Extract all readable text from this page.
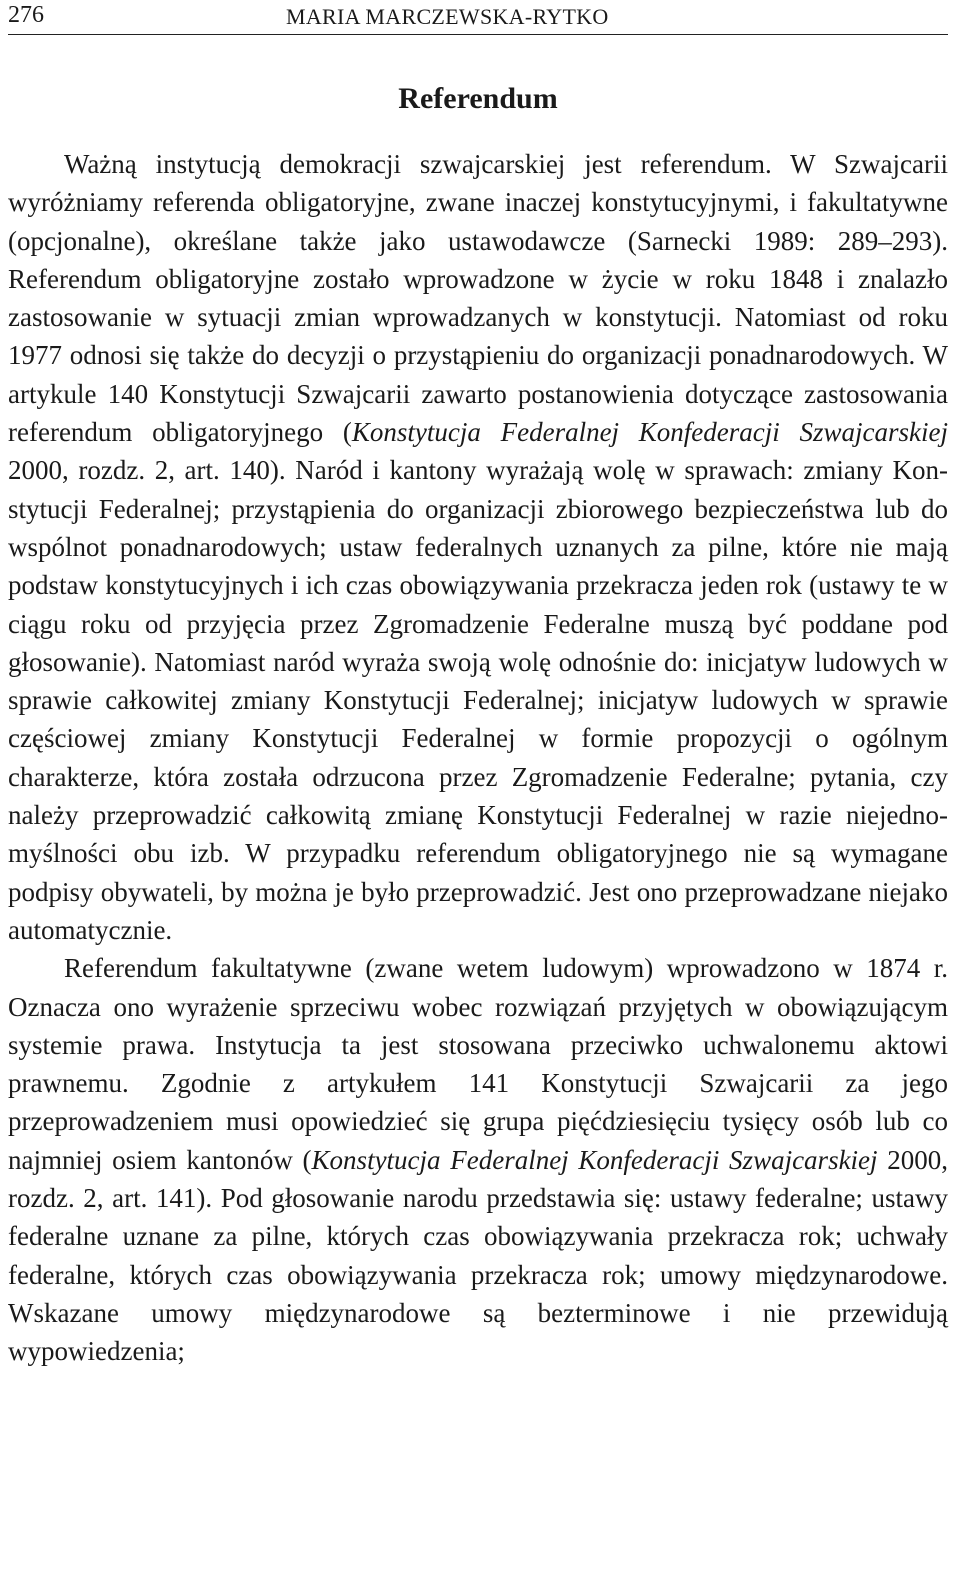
276	MARIA MARCZEWSKA-RYTKO
Referendum

Ważną instytucją demokracji szwajcarskiej jest referendum. W Szwajcarii wyróżniamy referenda obligatoryjne, zwane inaczej konstytucyjnymi, i fakultatywne (opcjonalne), określane także jako ustawodawcze (Sarnecki 1989: 289–293). Referendum obligatoryjne zostało wprowadzone w życie w roku 1848 i znalazło zastosowanie w sytuacji zmian wprowadzanych w konstytucji. Natomiast od roku 1977 odnosi się także do decyzji o przystąpieniu do organizacji ponadnarodowych. W artykule 140 Konstytucji Szwajcarii zawarto postanowienia dotyczące zastosowania referendum obligatoryjnego (Konstytucja Federalnej Konfederacji Szwajcarskiej 2000, rozdz. 2, art. 140). Naród i kantony wyrażają wolę w sprawach: zmiany Konstytucji Federalnej; przystąpienia do organizacji zbiorowego bezpieczeństwa lub do wspólnot ponadnarodowych; ustaw federalnych uznanych za pilne, które nie mają podstaw konstytucyjnych i ich czas obowiązywania przekracza jeden rok (ustawy te w ciągu roku od przyjęcia przez Zgromadzenie Federalne muszą być poddane pod głosowanie). Natomiast naród wyraża swoją wolę odnośnie do: inicjatyw ludowych w sprawie całkowitej zmiany Konstytucji Federalnej; inicjatyw ludowych w sprawie częściowej zmiany Konstytucji Federalnej w formie propozycji o ogólnym charakterze, która została odrzucona przez Zgromadzenie Federalne; pytania, czy należy przeprowadzić całkowitą zmianę Konstytucji Federalnej w razie niejednomyślności obu izb. W przypadku referendum obligatoryjnego nie są wymagane podpisy obywateli, by można je było przeprowadzić. Jest ono przeprowadzane niejako automatycznie.

Referendum fakultatywne (zwane wetem ludowym) wprowadzono w 1874 r. Oznacza ono wyrażenie sprzeciwu wobec rozwiązań przyjętych w obowiązującym systemie prawa. Instytucja ta jest stosowana przeciwko uchwalonemu aktowi prawnemu. Zgodnie z artykułem 141 Konstytucji Szwajcarii za jego przeprowadzeniem musi opowiedzieć się grupa pięćdziesięciu tysięcy osób lub co najmniej osiem kantonów (Konstytucja Federalnej Konfederacji Szwajcarskiej 2000, rozdz. 2, art. 141). Pod głosowanie narodu przedstawia się: ustawy federalne; ustawy federalne uznane za pilne, których czas obowiązywania przekracza rok; uchwały federalne, których czas obowiązywania przekracza rok; umowy międzynarodowe. Wskazane umowy międzynarodowe są bezterminowe i nie przewidują wypowiedzenia;
